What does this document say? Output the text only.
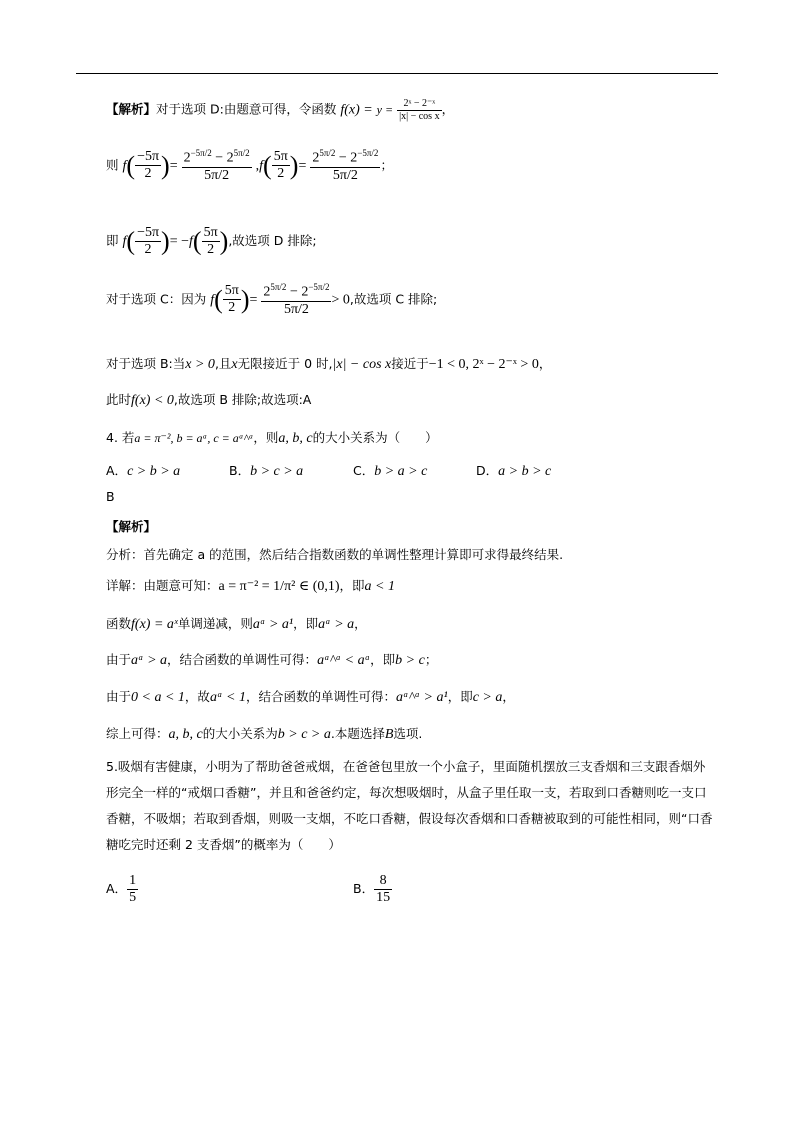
【解析】对于选项 D:由题意可得，令函数 $f(x) = y = \frac{\text{2ˣ − 2⁻ˣ}}{\text{|x| − cos x}}$ ，
则 $f( \frac{-5\pi}{2}$ )= $\frac{2^{-5\pi/2} - 2^{5\pi/2}}{5\pi/2} ,f( \frac{5\pi}{2}$ )= $\frac{2^{5\pi/2} - 2^{-5\pi/2}}{5\pi/2}$ ；
即 $f( \frac{-5\pi}{2}$ )= $-f( \frac{5\pi}{2}$ ),故选项 D 排除;
对于选项 C：因为 $f( \frac{5\pi}{2}$ )= $\frac{2^{5\pi/2} - 2^{-5\pi/2}}{5\pi/2} > 0$,故选项 C 排除;
对于选项 B:当x > 0,且x无限接近于 0 时,|x| − cos x接近于−1 < 0, 2ˣ − 2⁻ˣ > 0，
此时f(x) < 0,故选项 B 排除;故选项:A
4. 若a = π⁻², b = aᵃ, c = aᵃ^ᵃ，则a, b, c的大小关系为（　　）
A．c > b > a	B．b > c > a	C．b > a > c	D．a > b > c
B
【解析】
分析：首先确定 a 的范围，然后结合指数函数的单调性整理计算即可求得最终结果.
详解：由题意可知：a = π⁻² = 1/π² ∈ (0,1)，即a < 1
函数f(x) = aˣ单调递减，则aᵃ > a¹，即aᵃ > a，
由于aᵃ > a，结合函数的单调性可得：aᵃ^ᵃ < aᵃ，即b > c；
由于0 < a < 1，故aᵃ < 1，结合函数的单调性可得：aᵃ^ᵃ > a¹，即c > a，
综上可得：a, b, c的大小关系为b > c > a.本题选择B选项.
5.吸烟有害健康，小明为了帮助爸爸戒烟，在爸爸包里放一个小盒子，里面随机摆放三支香烟和三支跟香烟外形完全一样的“戒烟口香糖”，并且和爸爸约定，每次想吸烟时，从盒子里任取一支，若取到口香糖则吃一支口香糖，不吸烟；若取到香烟，则吸一支烟，不吃口香糖，假设每次香烟和口香糖被取到的可能性相同，则“口香糖吃完时还剩 2 支香烟”的概率为（　　）
A． $\frac{1}{5}$	B． $\frac{8}{15}$
